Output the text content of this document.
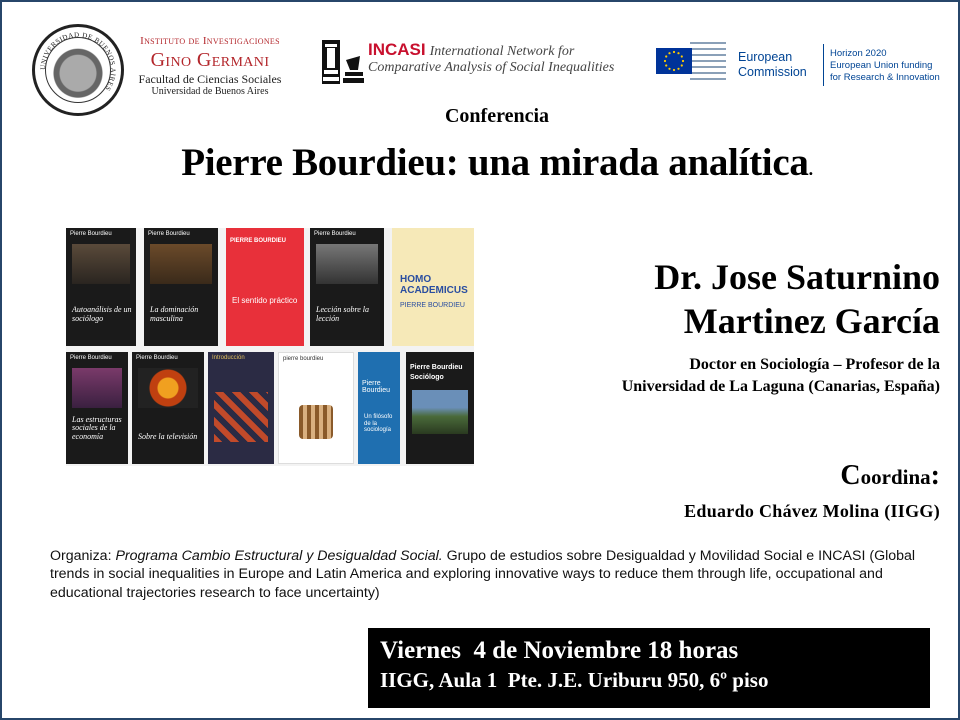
UNIVERSIDAD DE BUENOS AIRES
Instituto de Investigaciones
Gino Germani
Facultad de Ciencias Sociales
Universidad de Buenos Aires
INCASI International Network for
Comparative Analysis of Social Inequalities
European
Commission
Horizon 2020
European Union funding
for Research & Innovation
Conferencia
Pierre Bourdieu: una mirada analítica.
Pierre Bourdieu
Autoanálisis de un sociólogo
Pierre Bourdieu
La dominación masculina
PIERRE BOURDIEU
El sentido práctico
Pierre Bourdieu
Lección sobre la lección
HOMO ACADEMICUS
PIERRE BOURDIEU
Pierre Bourdieu
Las estructuras sociales de la economía
Pierre Bourdieu
Sobre la televisión
Introducción	pierre bourdieu
Pierre Bourdieu
Un filósofo de la sociología
Pierre Bourdieu
Sociólogo
Dr. Jose Saturnino
Martinez García
Doctor en Sociología – Profesor de la
Universidad de La Laguna (Canarias, España)
Coordina:
Eduardo Chávez Molina (IIGG)
Organiza: Programa Cambio Estructural y Desigualdad Social. Grupo de estudios sobre Desigualdad y Movilidad Social e INCASI (Global trends in social inequalities in Europe and Latin America and exploring innovative ways to reduce them through life, occupational and educational trajectories research to face uncertainty)
Viernes  4 de Noviembre 18 horas
IIGG, Aula 1  Pte. J.E. Uriburu 950, 6º piso
